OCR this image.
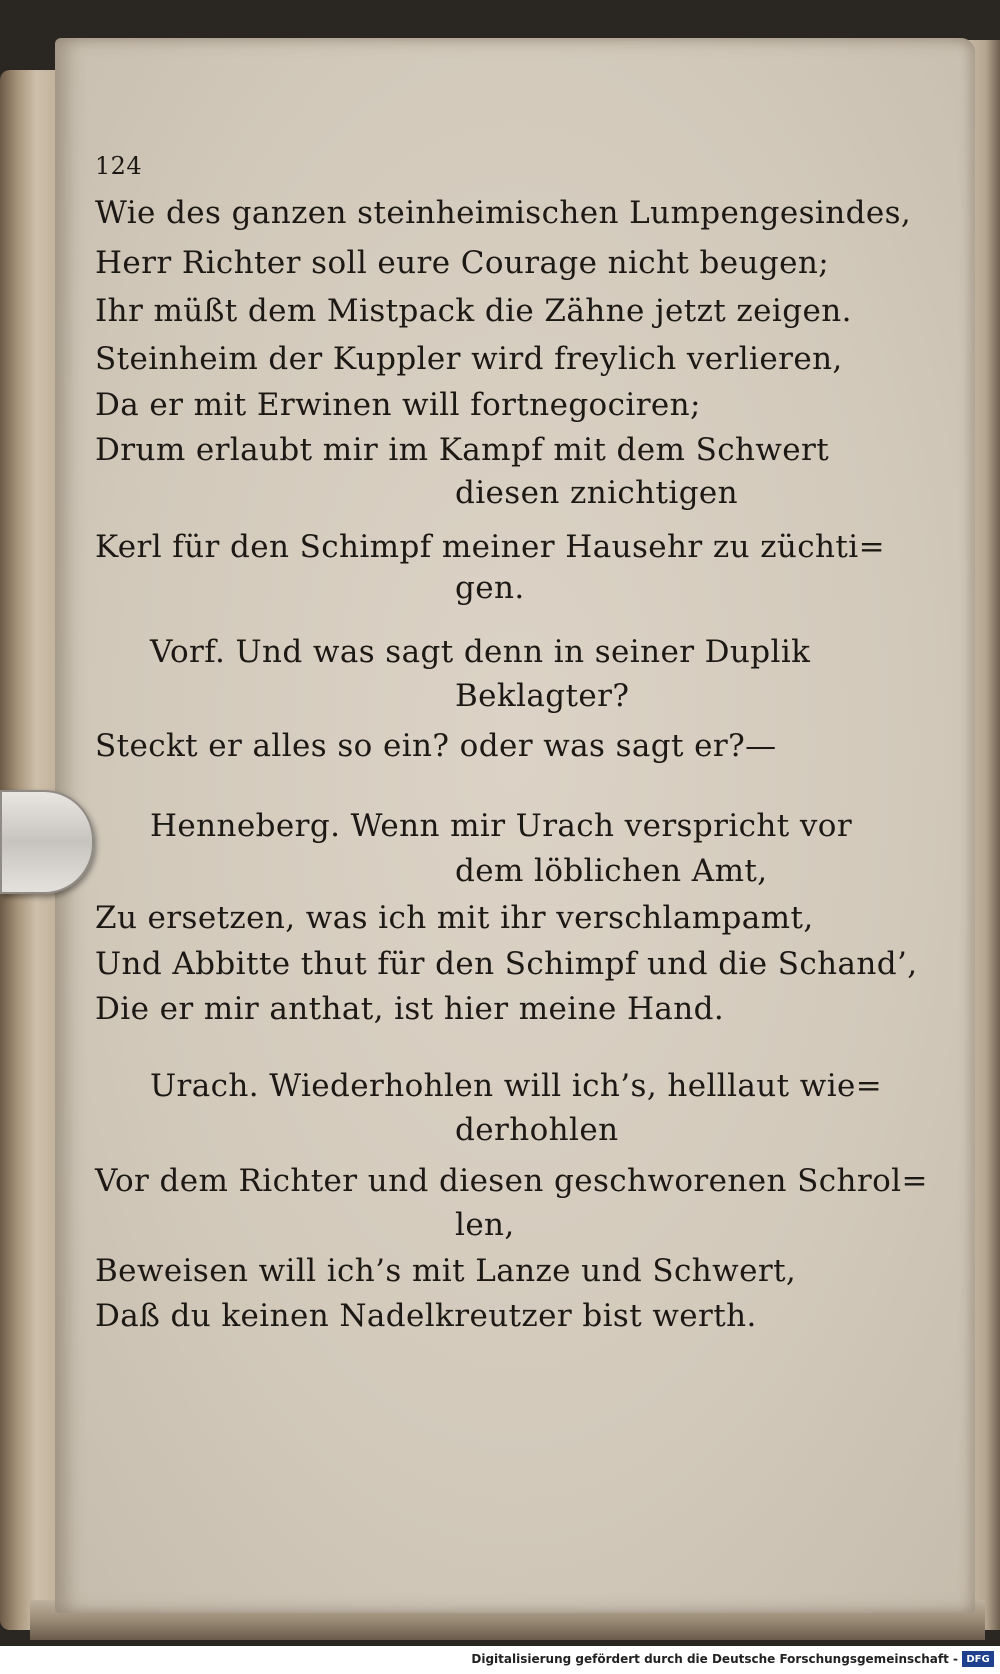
124
Wie des ganzen steinheimischen Lumpengesindes,
Herr Richter soll eure Courage nicht beugen;
Ihr müßt dem Mistpack die Zähne jetzt zeigen.
Steinheim der Kuppler wird freylich verlieren,
Da er mit Erwinen will fortnegociren;
Drum erlaubt mir im Kampf mit dem Schwert
diesen znichtigen
Kerl für den Schimpf meiner Hausehr zu züchti=
gen.
Vorf. Und was sagt denn in seiner Duplik
Beklagter?
Steckt er alles so ein? oder was sagt er?—
Henneberg. Wenn mir Urach verspricht vor
dem löblichen Amt,
Zu ersetzen, was ich mit ihr verschlampamt,
Und Abbitte thut für den Schimpf und die Schand’,
Die er mir anthat, ist hier meine Hand.
Urach. Wiederhohlen will ich’s, helllaut wie=
derhohlen
Vor dem Richter und diesen geschworenen Schrol=
len,
Beweisen will ich’s mit Lanze und Schwert,
Daß du keinen Nadelkreutzer bist werth.
Digitalisierung gefördert durch die Deutsche Forschungsgemeinschaft - DFG
